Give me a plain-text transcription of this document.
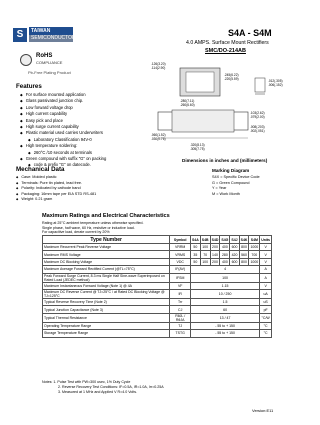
S	TAIWAN
SEMICONDUCTOR	S4A - S4M
4.0 AMPS. Surface Mount Rectifiers
SMC/DO-214AB
RoHS
COMPLIANCE
Pb-Free Plating Product
Features
◆ For surface mounted application
◆ Glass passivated junction chip.
◆ Low forward voltage drop
◆ High current capability
◆ Easy pick and place
◆ High surge current capability
◆ Plastic material used carries Underwriters
◆ Laboratory Classification 94V-0
◆ High temperature soldering:
◆ 260°C /10 seconds at terminals
◆ Green compound with suffix "G" on packing
◆ code & prefix "G" on datecode.
.126(3.20)
.114(2.90)
.245(6.22)
.220(5.59)
.280(7.11)
.260(6.60)
.012(.305)
.006(.152)
.103(2.62)
.079(2.00)
.060(1.52)
.030(0.76)
.008(.203)
.002(.051)
.320(8.13)
.305(7.75)
Dimensions in inches and (millimeters)
Mechanical Data
◆ Case: Molded plastic
◆ Terminals: Pure tin plated, lead free.
◆ Polarity: Indicated by cathode band
◆ Packaging: 16mm tape per EIA STD RS-481
◆ Weight: 0.21 gram
Marking Diagram
S4X = Specific Device Code
G = Green Compound
Y = Year
M = Work Month
Maximum Ratings and Electrical Characteristics
Rating at 25°C ambient temperature unless otherwise specified.
Single phase, half wave, 60 Hz, resistive or inductive load.
For capacitive load, derate current by 20%
Type Number	Symbol	S4A	S4B	S4D	S4G	S4J	S4K	S4M	Units
Maximum Recurrent Peak Reverse Voltage	VRRM	50	100	200	400	600	800	1000	V
Maximum RMS Voltage	VRMS	35	70	140	280	420	560	700	V
Maximum DC Blocking Voltage	VDC	50	100	200	400	600	800	1000	V
Maximum Average Forward Rectified Current (@TL=75°C)	IF(AV)	4							A
Peak Forward Surge Current, 8.3 ms Single Half Sine-wave Superimposed on Rated Load (JEDEC method)	IFSM	100							A
Maximum Instantaneous Forward Voltage (Note 1) @ 4A	VF	1.15							V
Maximum DC Reverse Current @ TJ=25°C / at Rated DC Blocking Voltage @ TJ=125°C	IR	10 / 250							uA
Typical Reverse Recovery Time (Note 2)	Trr	1.5							uS
Typical Junction Capacitance (Note 3)	CJ	60							pF
Typical Thermal Resistance	RθJL / RθJA	13 / 47							°C/W
Operating Temperature Range	TJ	- 55 to + 150							°C
Storage Temperature Range	TSTG	- 55 to + 150							°C
Notes: 1. Pulse Test with PW=300 usec, 1% Duty Cycle
2. Reverse Recovery Test Conditions: IF=0.5A, IR=1.0A, Irr=0.25A
3. Measured at 1 MHz and Applied V R=4.0 Volts.
Version:E11
